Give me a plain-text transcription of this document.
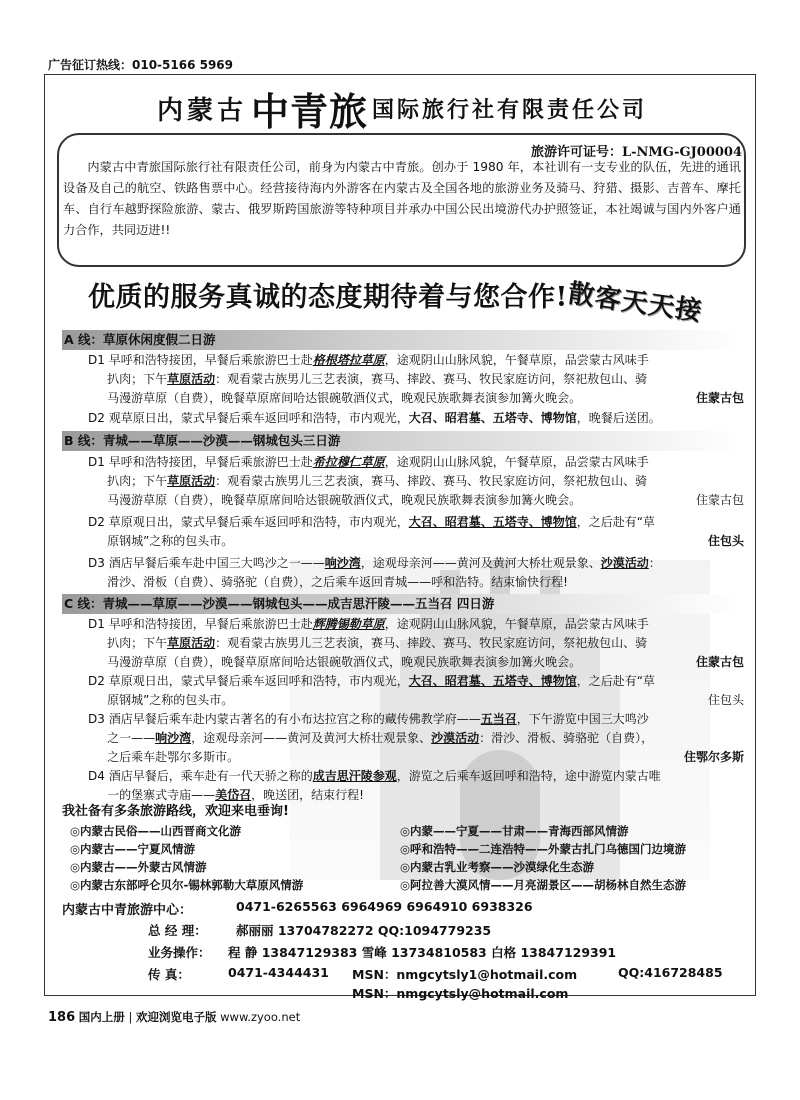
广告征订热线：010-5166 5969
内蒙古 中青旅 国际旅行社有限责任公司
旅游许可证号：L-NMG-GJ00004
内蒙古中青旅国际旅行社有限责任公司，前身为内蒙古中青旅。创办于 1980 年，本社训有一支专业的队伍，先进的通讯设备及自己的航空、铁路售票中心。经营接待海内外游客在内蒙古及全国各地的旅游业务及骑马、狩猎、摄影、吉普车、摩托车、自行车越野探险旅游、蒙古、俄罗斯跨国旅游等特种项目并承办中国公民出境游代办护照签证，本社竭诚与国内外客户通力合作，共同迈进!!
优质的服务真诚的态度期待着与您合作!
散客天天接
A 线：草原休闲度假二日游
D1 早呼和浩特接团，早餐后乘旅游巴士赴格根塔拉草原，途观阴山山脉风貌，午餐草原，品尝蒙古风味手
扒肉；下午草原活动：观看蒙古族男儿三艺表演，赛马、摔跤、赛马、牧民家庭访问，祭祀敖包山、骑
马漫游草原（自费），晚餐草原席间哈达银碗敬酒仪式，晚观民族歌舞表演参加篝火晚会。	住蒙古包
D2 观草原日出，蒙式早餐后乘车返回呼和浩特，市内观光，大召、昭君墓、五塔寺、博物馆，晚餐后送团。
B 线：青城——草原——沙漠——钢城包头三日游
D1 早呼和浩特接团，早餐后乘旅游巴士赴希拉穆仁草原，途观阴山山脉风貌，午餐草原，品尝蒙古风味手
扒肉；下午草原活动：观看蒙古族男儿三艺表演，赛马、摔跤、赛马、牧民家庭访问，祭祀敖包山、骑
马漫游草原（自费），晚餐草原席间哈达银碗敬酒仪式，晚观民族歌舞表演参加篝火晚会。	住蒙古包
D2 草原观日出，蒙式早餐后乘车返回呼和浩特，市内观光，大召、昭君墓、五塔寺、博物馆，之后赴有“草
原钢城”之称的包头市。	住包头
D3 酒店早餐后乘车赴中国三大鸣沙之一——响沙湾，途观母亲河——黄河及黄河大桥壮观景象、沙漠活动：
滑沙、滑板（自费）、骑骆驼（自费），之后乘车返回青城——呼和浩特。结束愉快行程!
C 线：青城——草原——沙漠——钢城包头——成吉思汗陵——五当召 四日游
D1 早呼和浩特接团，早餐后乘旅游巴士赴辉腾锡勒草原，途观阴山山脉风貌，午餐草原，品尝蒙古风味手
扒肉；下午草原活动：观看蒙古族男儿三艺表演，赛马、摔跤、赛马、牧民家庭访问，祭祀敖包山、骑
马漫游草原（自费），晚餐草原席间哈达银碗敬酒仪式，晚观民族歌舞表演参加篝火晚会。	住蒙古包
D2 草原观日出，蒙式早餐后乘车返回呼和浩特，市内观光，大召、昭君墓、五塔寺、博物馆，之后赴有“草
原钢城”之称的包头市。	住包头
D3 酒店早餐后乘车赴内蒙古著名的有小布达拉宫之称的藏传佛教学府——五当召，下午游览中国三大鸣沙
之一——响沙湾，途观母亲河——黄河及黄河大桥壮观景象、沙漠活动：滑沙、滑板、骑骆驼（自费），
之后乘车赴鄂尔多斯市。	住鄂尔多斯
D4 酒店早餐后，乘车赴有一代天骄之称的成吉思汗陵参观，游览之后乘车返回呼和浩特，途中游览内蒙古唯
一的堡寨式寺庙——美岱召，晚送团，结束行程!
我社备有多条旅游路线，欢迎来电垂询!
◎内蒙古民俗——山西晋商文化游	◎内蒙——宁夏——甘肃——青海西部风情游
◎内蒙古——宁夏风情游	◎呼和浩特——二连浩特——外蒙古扎门乌德国门边境游
◎内蒙古——外蒙古风情游	◎内蒙古乳业考察——沙漠绿化生态游
◎内蒙古东部呼仑贝尔-锡林郭勒大草原风情游	◎阿拉善大漠风情——月亮湖景区——胡杨林自然生态游
内蒙古中青旅游中心：	0471-6265563 6964969 6964910 6938326
总 经 理： 郝丽丽 13704782272 QQ:1094779235
业务操作： 程 静 13847129383 雪峰 13734810583 白格 13847129391
传 真：	0471-4344431 MSN：nmgcytsly1@hotmail.com	QQ:416728485
MSN：nmgcytsly@hotmail.com
186 国内上册 | 欢迎浏览电子版 www.zyoo.net
